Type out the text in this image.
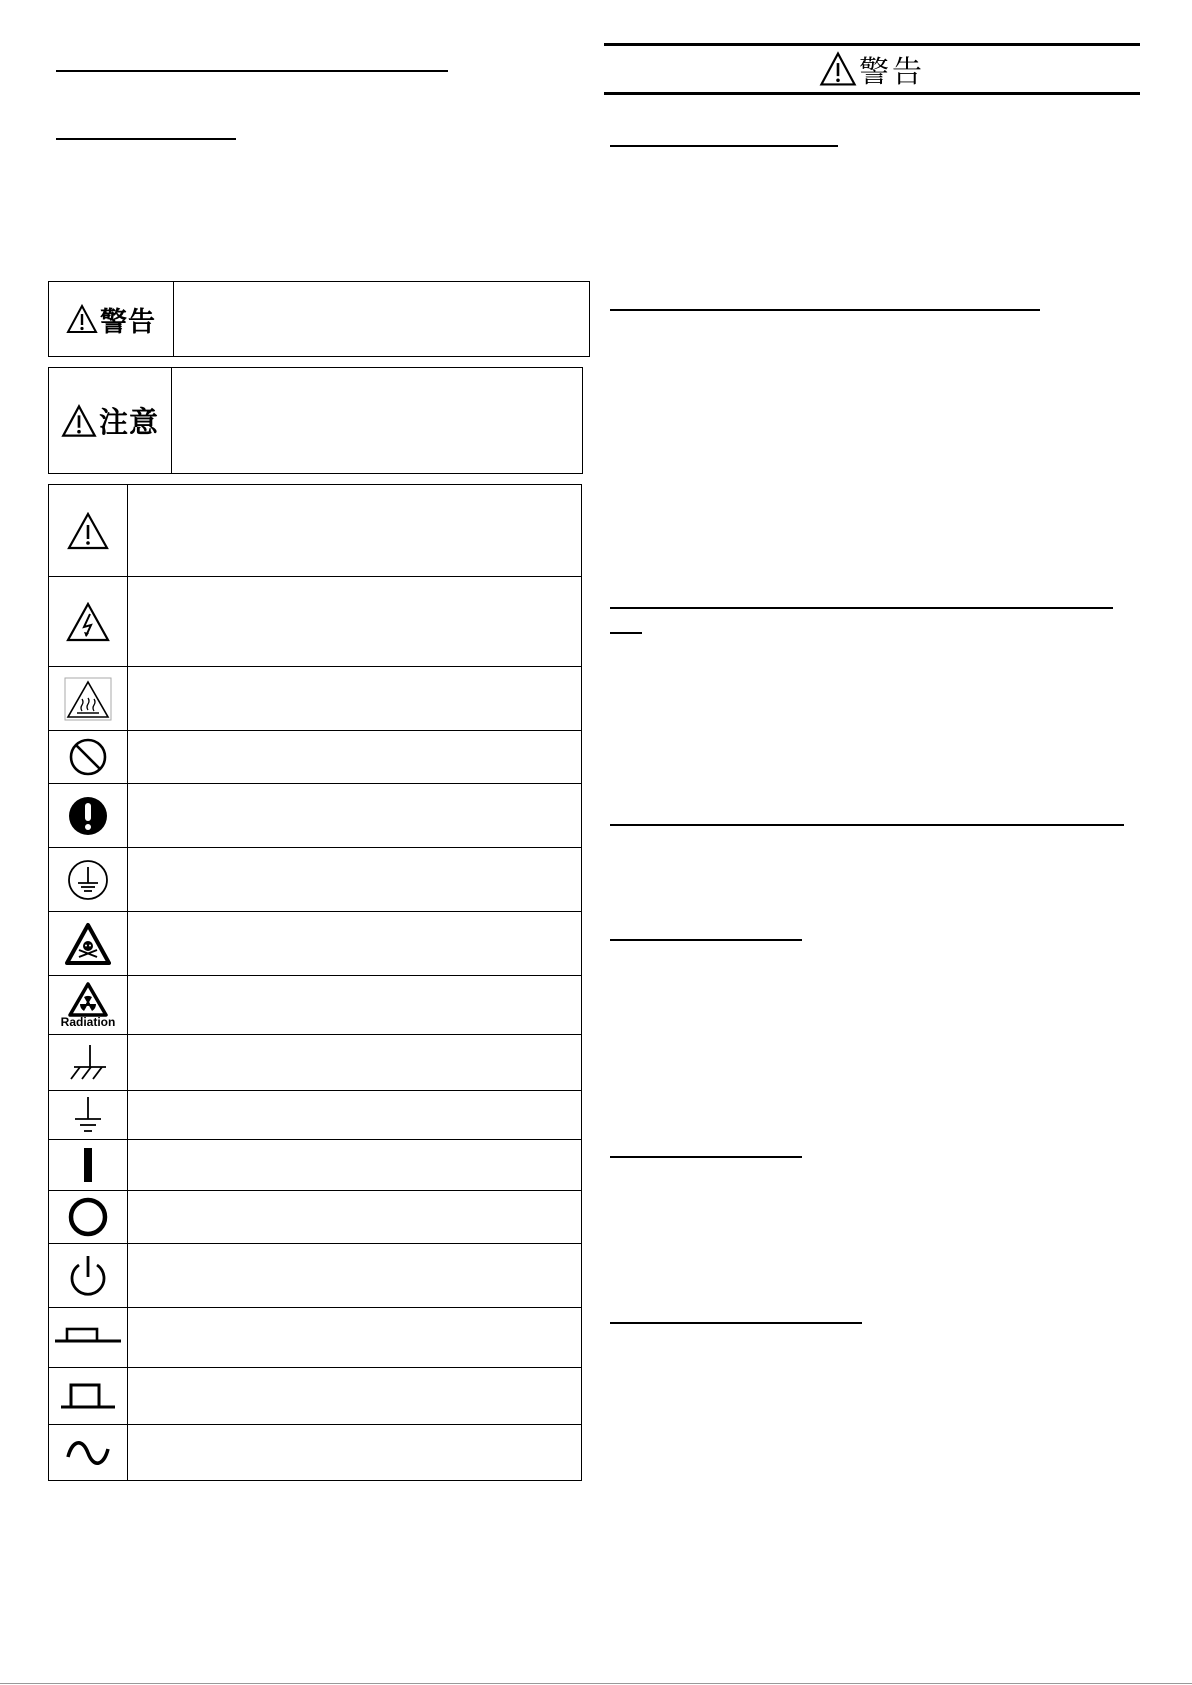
警告
注意

Radiation	

警告
